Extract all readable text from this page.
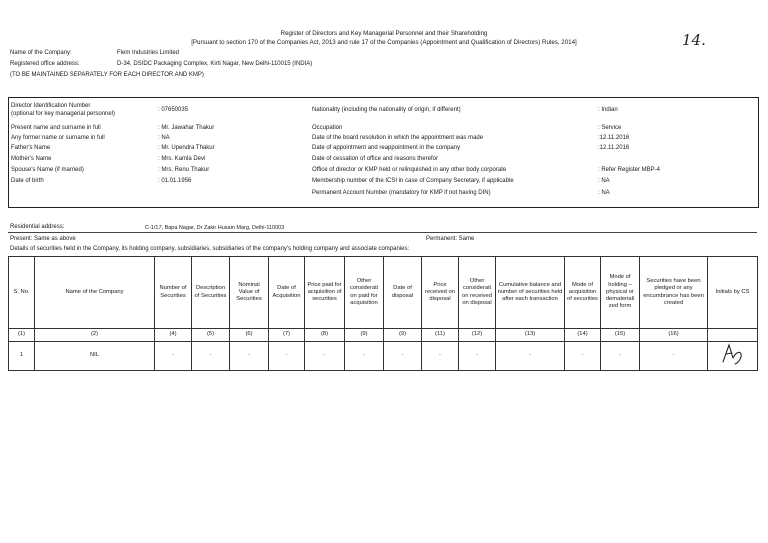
Register of Directors and Key Managerial Personnel and their Shareholding
[Pursuant to section 170 of the Companies Act, 2013 and rule 17 of the Companies (Appointment and Qualification of Directors) Rules, 2014]	14.
Name of the Company:	Flem Industries Limited
Registered office address:	D-34, DSIDC Packaging Complex, Kirti Nagar, New Delhi-110015 (INDIA)
(TO BE MAINTAINED SEPARATELY FOR EACH DIRECTOR AND KMP)
Director Identification Number
(optional for key managerial personnel)
: 07650035
Present name and surname in full	: Mr. Jawahar Thakur
Any former name or surname in full	: NA
Father's Name	: Mr. Upendra Thakur
Mother's Name	: Mrs. Kamla Devi
Spouse's Name (if married)	: Mrs. Renu Thakur
Date of birth	: 01.01.1956
Nationality (including the nationality of origin, if different)	: Indian
Occupation	: Service
Date of the board resolution in which the appointment was made	:12.11.2016
Date of appointment and reappointment in the company	:12.11.2016
Date of cessation of office and reasons therefor
Office of director or KMP held or relinquished in any other body corporate	: Refer Register MBP-4
Membership number of the ICSI in case of Company Secretary, if applicable	: NA
Permanent Account Number (mandatory for KMP if not having DIN)	: NA
Residential address:	C-1/17, Bapa Nagar, Dr Zakir Husain Marg, Delhi-110003
Present: Same as above	Permanent: Same
Details of securities held in the Company, its holding company, subsidiaries, subsidiaries of the company's holding company and associate companies:
S. No.	Name of the Company	Number of Securities	Description of Securities	Nominal Value of Securities	Date of Acquisition	Price paid for acquisition of securities	Other considerati on paid for acquisition	Date of disposal	Price received on disposal	Other considerati on received on disposal	Cumulative balance and number of securities held after each transaction	Mode of acquisition of securities	Mode of holding – physical or demateriali zed form	Securities have been pledged or any encumbrance has been created	Initials by CS
(1)	(2)	(4)	(5)	(6)	(7)	(8)	(9)	(9)	(11)	(12)	(13)	(14)	(15)	(16)	
1	NIL	-	-	-	-	-	-	-	-	-	-	-	-	-	
